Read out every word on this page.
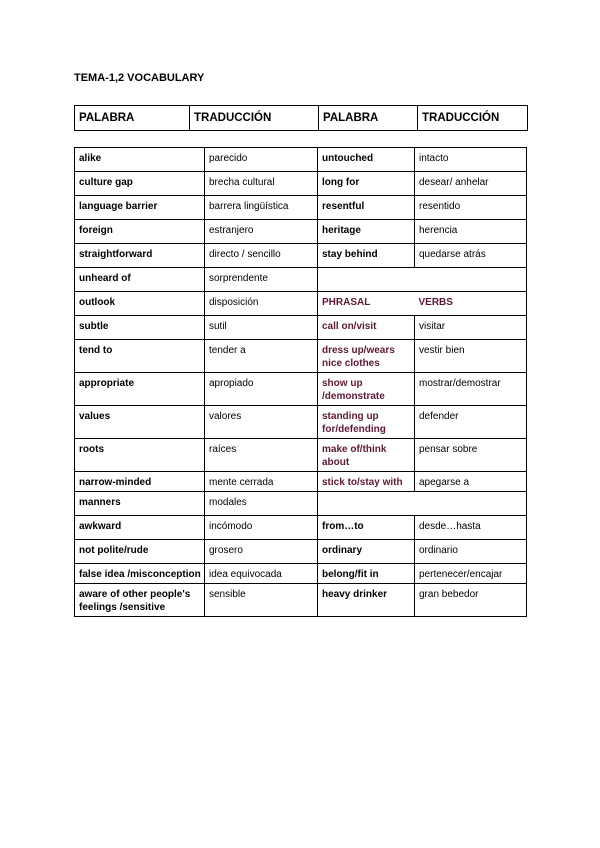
TEMA-1,2 VOCABULARY
PALABRA	TRADUCCIÓN	PALABRA	TRADUCCIÓN
alike	parecido	untouched	intacto
culture gap	brecha cultural	long for	desear/ anhelar
language barrier	barrera lingüística	resentful	resentido
foreign	estranjero	heritage	herencia
straightforward	directo / sencillo	stay behind	quedarse atrás
unheard of	sorprendente		
outlook	disposición	PHRASAL	VERBS
subtle	sutil	call on/visit	visitar
tend to	tender a	dress up/wears nice clothes	vestir bien
appropriate	apropiado	show up /demonstrate	mostrar/demostrar
values	valores	standing up for/defending	defender
roots	raíces	make of/think about	pensar sobre
narrow-minded	mente cerrada	stick to/stay with	apegarse a
manners	modales		
awkward	incómodo	from…to	desde…hasta
not polite/rude	grosero	ordinary	ordinario
false idea /misconception	idea equivocada	belong/fit in	pertenecer/encajar
aware of other people's feelings /sensitive	sensible	heavy drinker	gran bebedor
